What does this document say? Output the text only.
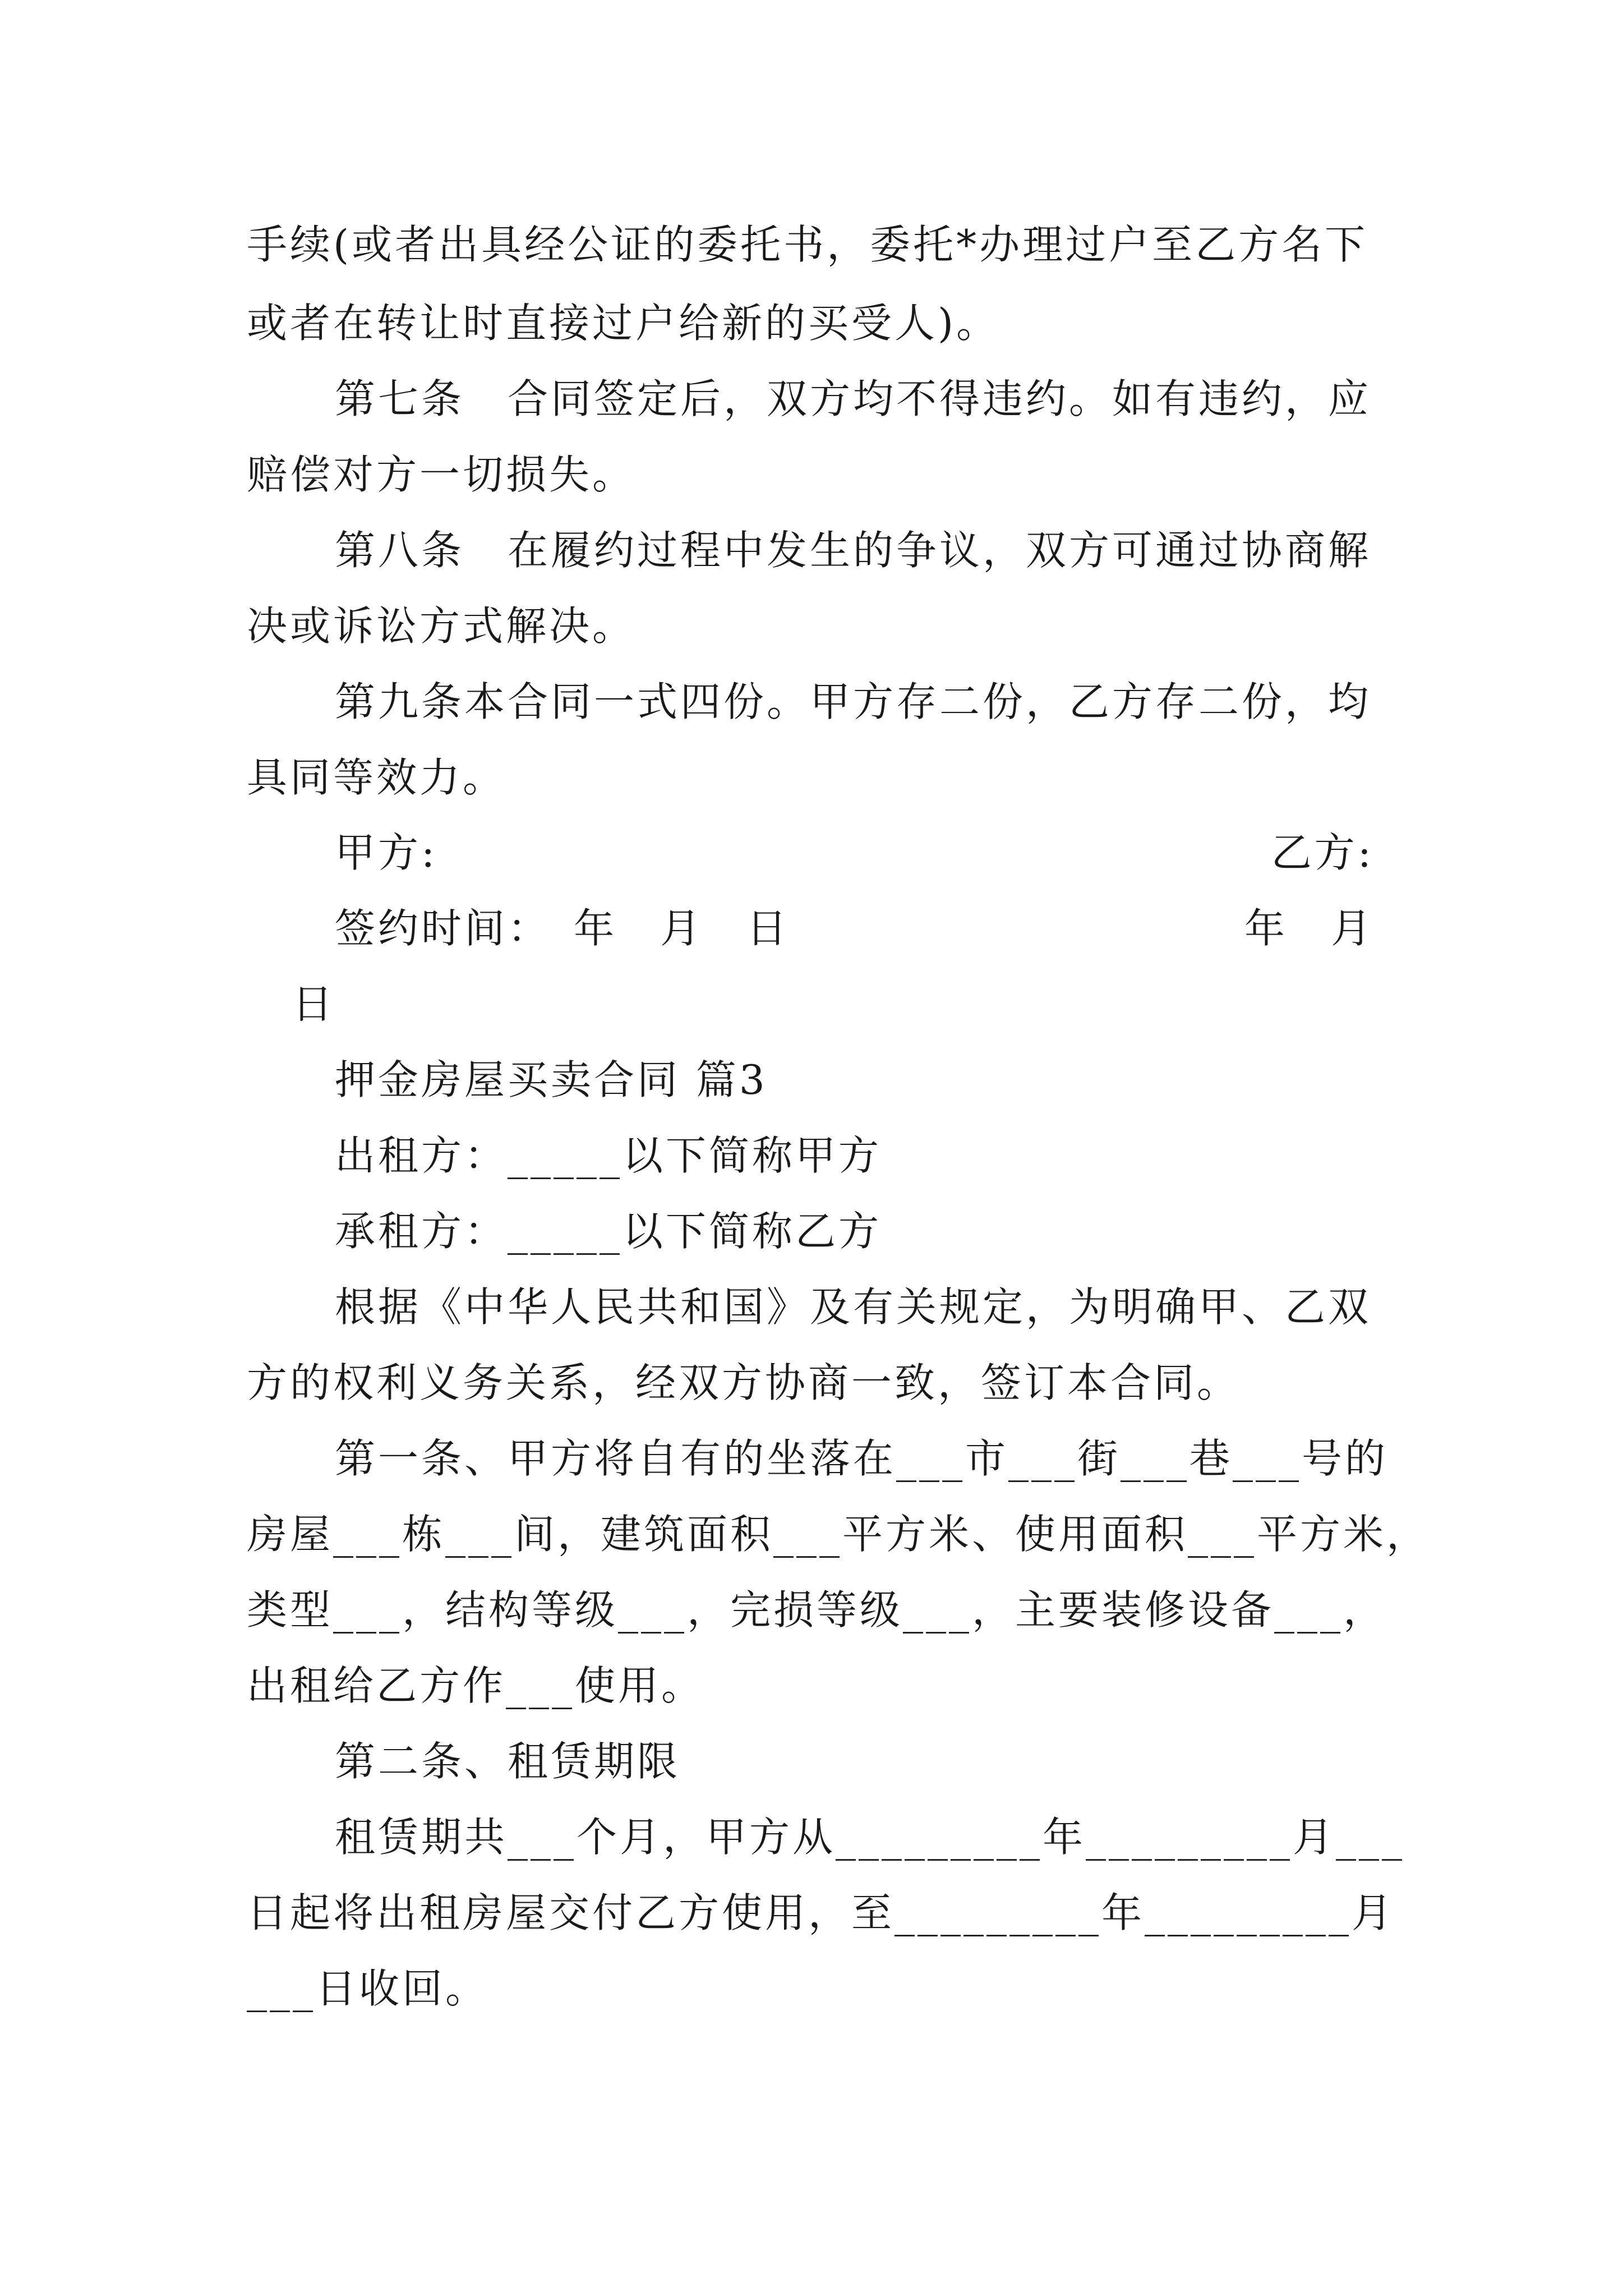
手续(或者出具经公证的委托书，委托*办理过户至乙方名下
或者在转让时直接过户给新的买受人)。
第七条　合同签定后，双方均不得违约。如有违约，应
赔偿对方一切损失。
第八条　在履约过程中发生的争议，双方可通过协商解
决或诉讼方式解决。
第九条本合同一式四份。甲方存二份，乙方存二份，均
具同等效力。
甲方:	乙方:
签约时间：　年　月　日	年　月
日
押金房屋买卖合同 篇3
出租方：_____以下简称甲方
承租方：_____以下简称乙方
根据《中华人民共和国》及有关规定，为明确甲、乙双
方的权利义务关系，经双方协商一致，签订本合同。
第一条、甲方将自有的坐落在___市___街___巷___号的
房屋___栋___间，建筑面积___平方米、使用面积___平方米，
类型___，结构等级___，完损等级___，主要装修设备___，
出租给乙方作___使用。
第二条、租赁期限
租赁期共___个月，甲方从_________年_________月___
日起将出租房屋交付乙方使用，至_________年_________月
___日收回。
